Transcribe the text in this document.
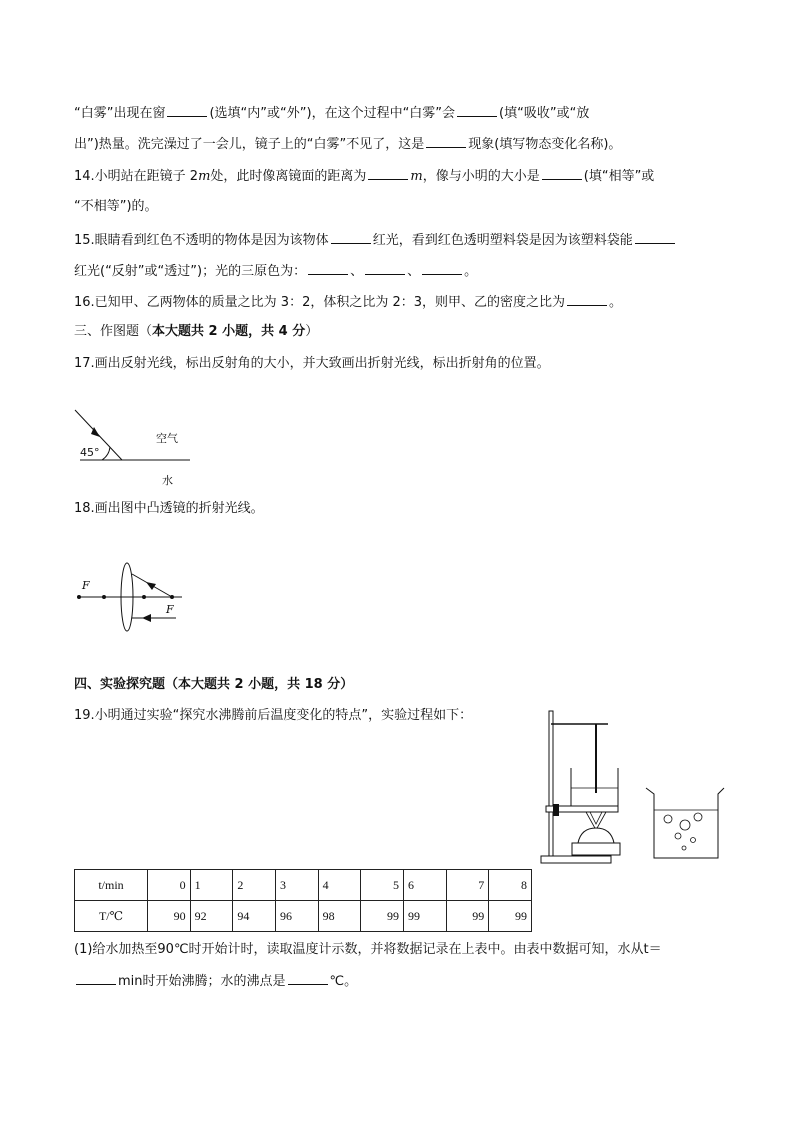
“白雾”出现在窗	(选填“内”或“外”)，在这个过程中“白雾”会	(填“吸收”或“放
出”)热量。洗完澡过了一会儿，镜子上的“白雾”不见了，这是	现象(填写物态变化名称)。
14.小明站在距镜子 2m处，此时像离镜面的距离为	m，像与小明的大小是	(填“相等”或
“不相等”)的。
15.眼睛看到红色不透明的物体是因为该物体	红光，看到红色透明塑料袋是因为该塑料袋能
红光(“反射”或“透过”)；光的三原色为：	、	、	。
16.已知甲、乙两物体的质量之比为 3：2，体积之比为 2：3，则甲、乙的密度之比为	。
三、作图题（本大题共 2 小题，共 4 分）
17.画出反射光线，标出反射角的大小，并大致画出折射光线，标出折射角的位置。
45°
空气
水
18.画出图中凸透镜的折射光线。
F
F
四、实验探究题（本大题共 2 小题，共 18 分）
19.小明通过实验“探究水沸腾前后温度变化的特点”，实验过程如下：
t/min	0	1	2	3	4	5	6	7	8
T/℃	90	92	94	96	98	99	99	99	99
(1)给水加热至90℃时开始计时，读取温度计示数，并将数据记录在上表中。由表中数据可知，水从t＝
min时开始沸腾；水的沸点是	℃。
